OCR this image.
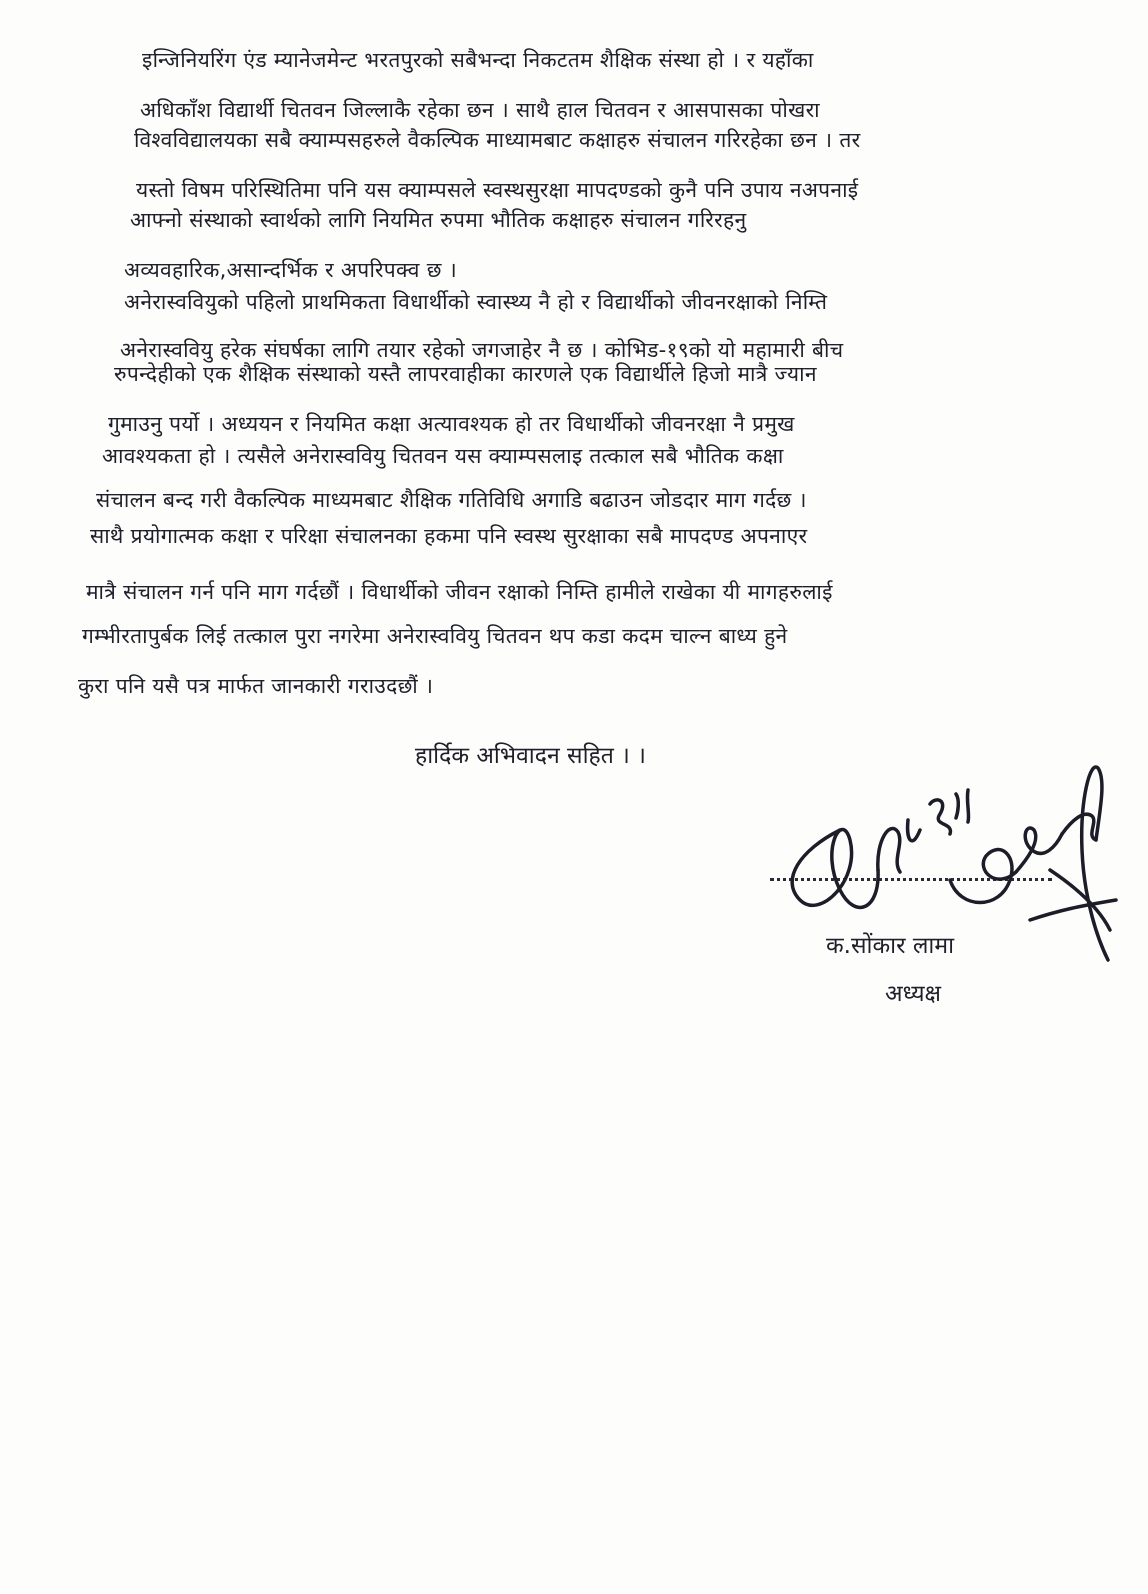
इन्जिनियरिंग एंड म्यानेजमेन्ट भरतपुरको सबैभन्दा निकटतम शैक्षिक संस्था हो । र यहाँका
अधिकाँश विद्यार्थी चितवन जिल्लाकै रहेका छन । साथै हाल चितवन र आसपासका पोखरा
विश्वविद्यालयका सबै क्याम्पसहरुले वैकल्पिक माध्यामबाट कक्षाहरु संचालन गरिरहेका छन । तर
यस्तो विषम परिस्थितिमा पनि यस क्याम्पसले स्वस्थसुरक्षा मापदण्डको कुनै पनि उपाय नअपनाई
आफ्नो संस्थाको स्वार्थको लागि नियमित रुपमा भौतिक कक्षाहरु संचालन गरिरहनु
अव्यवहारिक,असान्दर्भिक र अपरिपक्व छ ।
अनेरास्ववियुको पहिलो प्राथमिकता विधार्थीको स्वास्थ्य नै हो र विद्यार्थीको जीवनरक्षाको निम्ति
अनेरास्ववियु हरेक संघर्षका लागि तयार रहेको जगजाहेर नै छ । कोभिड-१९को यो महामारी बीच
रुपन्देहीको एक शैक्षिक संस्थाको यस्तै लापरवाहीका कारणले एक विद्यार्थीले हिजो मात्रै ज्यान
गुमाउनु पर्यो । अध्ययन र नियमित कक्षा अत्यावश्यक हो तर विधार्थीको जीवनरक्षा नै प्रमुख
आवश्यकता हो । त्यसैले अनेरास्ववियु चितवन यस क्याम्पसलाइ तत्काल सबै भौतिक कक्षा
संचालन बन्द गरी वैकल्पिक माध्यमबाट शैक्षिक गतिविधि अगाडि बढाउन जोडदार माग गर्दछ ।
साथै प्रयोगात्मक कक्षा र परिक्षा संचालनका हकमा पनि स्वस्थ सुरक्षाका सबै मापदण्ड अपनाएर
मात्रै संचालन गर्न पनि माग गर्दछौं । विधार्थीको जीवन रक्षाको निम्ति हामीले राखेका यी मागहरुलाई
गम्भीरतापुर्बक लिई तत्काल पुरा नगरेमा अनेरास्ववियु चितवन थप कडा कदम चाल्न बाध्य हुने
कुरा पनि यसै पत्र मार्फत जानकारी गराउदछौं ।
हार्दिक अभिवादन सहित । ।
क.सोंकार लामा
अध्यक्ष
